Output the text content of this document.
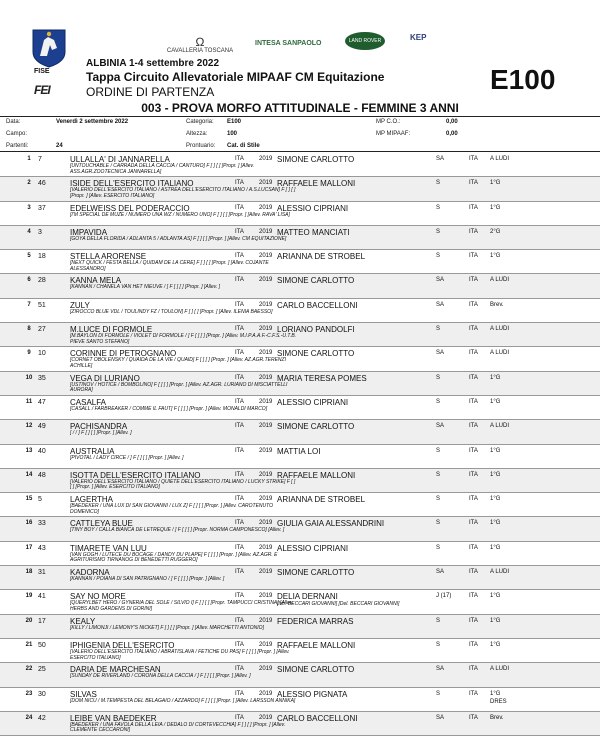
FISE
FEI
Ω
CAVALLERIA TOSCANA
INTESA SANPAOLO	LAND ROVER	KEP
ALBINIA 1-4 settembre 2022
Tappa Circuito Allevatoriale MIPAAF CM Equitazione
ORDINE DI PARTENZA	E100
003 - PROVA MORFO ATTITUDINALE - FEMMINE 3 ANNI
Data:	Venerdì 2 settembre 2022
Campo:
Partenti:	24
Categoria: E100
Altezza:	100
Prontuario: Cat. di Stile
MP C.O.:	0,00
MP MIPAAF:	0,00
1	7	ULLALLA' DI JANNARELLA
[UNTOUCHABLE / CARRADA DELLA CACCIA / CANTURO] F [ ] [ ] [Propr. ] [Allev. ASS.AGR.ZOOTECNICA JANNARELLA]
ITA	2019 SIMONE CARLOTTO	SA	ITA A LUDI
2	46	ISIDE DELL'ESERCITO ITALIANO
[VALERIO DELL'ESERCITO ITALIANO / ASTREA DELL'ESERCITO ITALIANO / A.S.LUCSAN] F [ ] [ ] [Propr. ] [Allev. ESERCITO ITALIANO]
ITA	2019 RAFFAELE MALLONI	S	ITA 1°G
3	37	EDELWEISS DEL PODERACCIO
[I'M SPECIAL DE MUZE / NUMERO UNA WZ / NUMERO UNO] F [ ] [ ] [Propr. ] [Allev. RAVA' LISA]
ITA	2019 ALESSIO CIPRIANI	S	ITA 1°G
4	3	IMPAVIDA
[GOYA DELLA FLORIDA / ADLANTA 5 / ADLANTA AS] F [ ] [ ] [Propr. ] [Allev. CM EQUITAZIONE]
ITA	2019 MATTEO MANCIATI	S	ITA 2°G
5	18	STELLA ARORENSE
[NEXT QUICK / FESTA BELLA / QUIDAM DE LA CERE] F [ ] [ ] [Propr. ] [Allev. COJANTE ALESSANDRO]
ITA	2019 ARIANNA DE STROBEL	S	ITA 1°G
6	28	KANNA MELA
[KANNAN / CHANELA VAN HET NIEUVE / ] F [ ] [ ] [Propr. ] [Allev. ]
ITA	2019 SIMONE CARLOTTO	SA	ITA A LUDI
7	51	ZULY
[ZIROCCO BLUE VDL / TOULINDY FZ / TOULON] F [ ] [ ] [Propr. ] [Allev. ILENIA BAESSO]
ITA	2019 CARLO BACCELLONI	SA	ITA Brev.
8	27	M.LUCE DI FORMOLE
[M.BAYLON DI FORMOLE / VIOLET DI FORMOLE / ] F [ ] [ ] [Propr. ] [Allev. M.I.P.A.A.F.-C.F.S.-U.T.B. PIEVE SANTO STEFANO]
ITA	2019 LORIANO PANDOLFI	S	ITA A LUDI
9	10	CORINNE DI PETROGNANO
[CORNET OBOLENSKY / QUAIDA DE LA VIE / QUAID] F [ ] [ ] [Propr. ] [Allev. AZ.AGR.TERENZI ACHILLE]
ITA	2019 SIMONE CARLOTTO	SA	ITA A LUDI
10 35	VEGA DI LURIANO
[USTINOV / HOTICE / BOMBOLINO] F [ ] [ ] [Propr. ] [Allev. AZ.AGR. LURIANO DI MISCIATTELLI AURORA]
ITA	2019 MARIA TERESA POMES	S	ITA 1°G
11 47	CASALFA
[CASALL / FARBREAKER / COMME IL FAUT] F [ ] [ ] [Propr. ] [Allev. MONALDI MARCO]
ITA	2019 ALESSIO CIPRIANI	S	ITA 1°G
12 49	PACHISANDRA
[ / / ] F [ ] [ ] [Propr. ] [Allev. ]
ITA	2019 SIMONE CARLOTTO	SA	ITA A LUDI
13 40	AUSTRALIA
[PIVOTAL / LADY CIRCE / ] F [ ] [ ] [Propr. ] [Allev. ]
ITA	2019 MATTIA LOI	S	ITA 1°G
14 48	ISOTTA DELL'ESERCITO ITALIANO
[VALERIO DELL'ESERCITO ITALIANO / QUIETE DELL'ESERCITO ITALIANO / LUCKY STRIKE] F [ ] [ ] [Propr. ] [Allev. ESERCITO ITALIANO]
ITA	2019 RAFFAELE MALLONI	S	ITA 1°G
15 5	LAGERTHA
[BAEDEKER / UNA LUX DI SAN GIOVANNI / LUX Z] F [ ] [ ] [Propr. ] [Allev. CAROTENUTO DOMENICO]
ITA	2019 ARIANNA DE STROBEL	S	ITA 1°G
16 33	CATTLEYA BLUE
[TINY BOY / CALLA BIANCA DE LETREQUE / ] F [ ] [ ] [Propr. NORMA CAMPONESCO] [Allev. ]
ITA	2019 GIULIA GAIA ALESSANDRINI	S	ITA 1°G
17 43	TIMARETE VAN LUU
[VAN GOGH / LUTECE DU BOCAGE / DANDY DU PLAPE] F [ ] [ ] [Propr. ] [Allev. AZ.AGR. E AGRITURISMO TIRNANOG DI BENEDETTI RUGGERO]
ITA	2019 ALESSIO CIPRIANI	S	ITA 1°G
18 31	KADORNA
[KANNAN / POIANA DI SAN PATRIGNANO / ] F [ ] [ ] [Propr. ] [Allev. ]
ITA	2019 SIMONE CARLOTTO	SA	ITA A LUDI
19 41	SAY NO MORE
[QUERYLBET HERO / GYNERIA DEL SOLE / SILVIO I] F [ ] [ ] [Propr. TAMPUCCI CRISTINA] [Allev. HERBS AND GARDENS DI GORINI]
ITA	2019 DELIA DERNANI
[Istr. BECCARI GIOVANNI] [Del. BECCARI GIOVANNI]
J (17)	ITA 1°G
20 17	KEALY
[KILLY / LIMONJI / LEMONY'S NICKET] F [ ] [ ] [Propr. ] [Allev. MARCHETTI ANTONIO]
ITA	2019 FEDERICA MARRAS	S	ITA 1°G
21 50	IPHIGENIA DELL'ESERCITO
[VALERIO DELL'ESERCITO ITALIANO / ABRATISLAVA / FETICHE DU PAS] F [ ] [ ] [Propr. ] [Allev. ESERCITO ITALIANO]
ITA	2019 RAFFAELE MALLONI	S	ITA 1°G
22 25	DARIA DE MARCHESAN
[SUNDAY DE RIVERLAND / CORONA DELLA CACCIA / ] F [ ] [ ] [Propr. ] [Allev. ]
ITA	2019 SIMONE CARLOTTO	SA	ITA A LUDI
23 30	SILVAS
[DOM NICU / M.TEMPESTA DEL BELAGAIO / AZZARDO] F [ ] [ ] [Propr. ] [Allev. LARSSON ANNIKA]
ITA	2019 ALESSIO PIGNATA	S	ITA 1°G
DRES
24 42	LEIBE VAN BAEDEKER
[BAEDEKER / UNA FAVOLA DELLA LEIA / DEDALO DI CORTEVECCHIA] F [ ] [ ] [Propr. ] [Allev. CLEMENTE CECCARONI]
ITA	2019 CARLO BACCELLONI	SA	ITA Brev.
